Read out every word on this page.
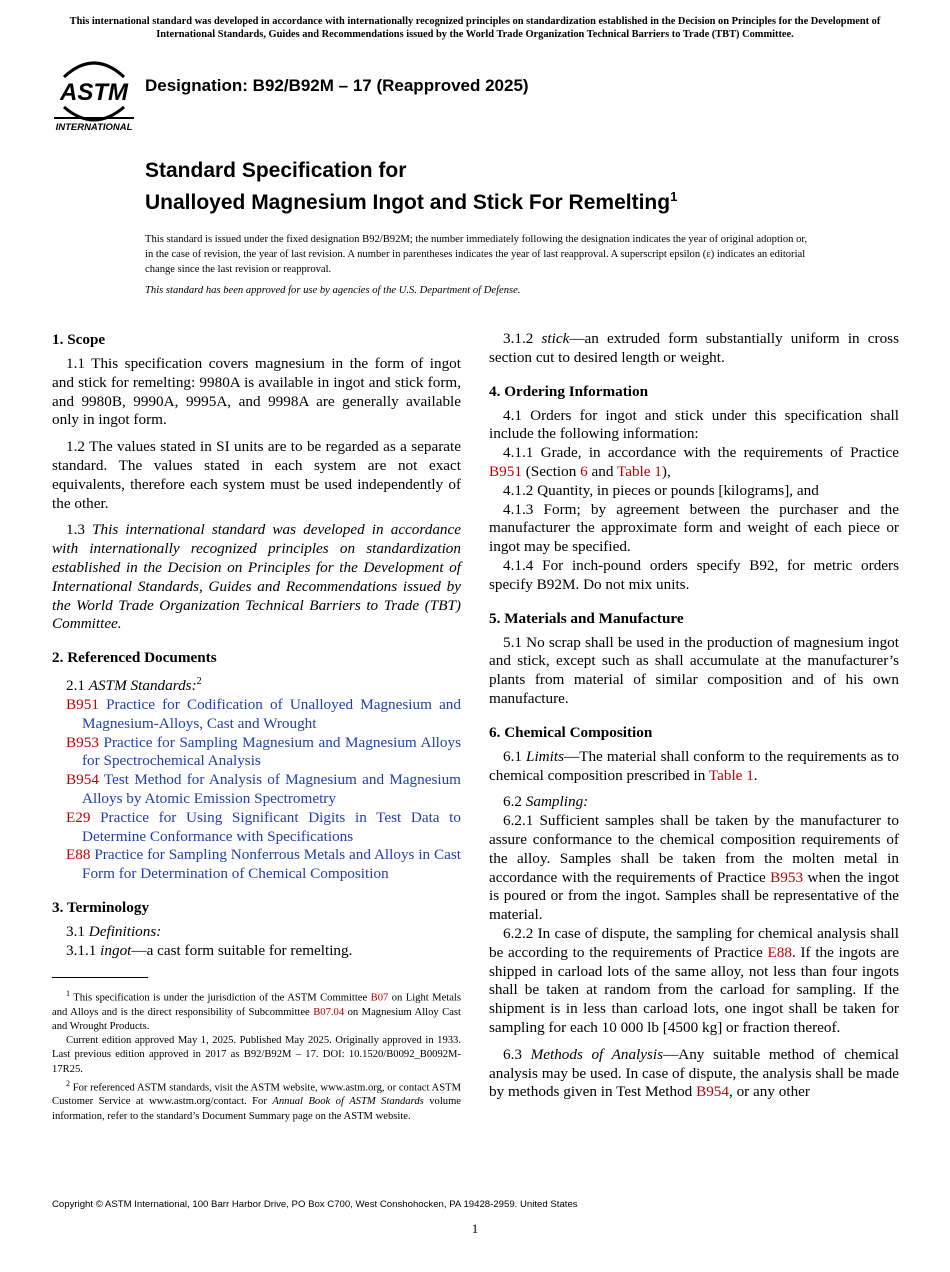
This international standard was developed in accordance with internationally recognized principles on standardization established in the Decision on Principles for the Development of International Standards, Guides and Recommendations issued by the World Trade Organization Technical Barriers to Trade (TBT) Committee.
ASTM
INTERNATIONAL
Designation: B92/B92M – 17 (Reapproved 2025)
Standard Specification for
Unalloyed Magnesium Ingot and Stick For Remelting$^1$
This standard is issued under the fixed designation B92/B92M; the number immediately following the designation indicates the year of original adoption or, in the case of revision, the year of last revision. A number in parentheses indicates the year of last reapproval. A superscript epsilon (ε) indicates an editorial change since the last revision or reapproval.
This standard has been approved for use by agencies of the U.S. Department of Defense.
1. Scope

1.1 This specification covers magnesium in the form of ingot and stick for remelting: 9980A is available in ingot and stick form, and 9980B, 9990A, 9995A, and 9998A are generally available only in ingot form.

1.2 The values stated in SI units are to be regarded as a separate standard. The values stated in each system are not exact equivalents, therefore each system must be used independently of the other.

1.3 This international standard was developed in accordance with internationally recognized principles on standardization established in the Decision on Principles for the Development of International Standards, Guides and Recommendations issued by the World Trade Organization Technical Barriers to Trade (TBT) Committee.

2. Referenced Documents

2.1 ASTM Standards:$^2$

B951 Practice for Codification of Unalloyed Magnesium and Magnesium-Alloys, Cast and Wrought

B953 Practice for Sampling Magnesium and Magnesium Alloys for Spectrochemical Analysis

B954 Test Method for Analysis of Magnesium and Magnesium Alloys by Atomic Emission Spectrometry

E29 Practice for Using Significant Digits in Test Data to Determine Conformance with Specifications

E88 Practice for Sampling Nonferrous Metals and Alloys in Cast Form for Determination of Chemical Composition

3. Terminology

3.1 Definitions:

3.1.1 ingot—a cast form suitable for remelting.

$^1$ This specification is under the jurisdiction of the ASTM Committee B07 on Light Metals and Alloys and is the direct responsibility of Subcommittee B07.04 on Magnesium Alloy Cast and Wrought Products.

Current edition approved May 1, 2025. Published May 2025. Originally approved in 1933. Last previous edition approved in 2017 as B92/B92M – 17. DOI: 10.1520/B0092_B0092M-17R25.

$^2$ For referenced ASTM standards, visit the ASTM website, www.astm.org, or contact ASTM Customer Service at www.astm.org/contact. For Annual Book of ASTM Standards volume information, refer to the standard’s Document Summary page on the ASTM website.

3.1.2 stick—an extruded form substantially uniform in cross section cut to desired length or weight.

4. Ordering Information

4.1 Orders for ingot and stick under this specification shall include the following information:

4.1.1 Grade, in accordance with the requirements of Practice B951 (Section 6 and Table 1),

4.1.2 Quantity, in pieces or pounds [kilograms], and

4.1.3 Form; by agreement between the purchaser and the manufacturer the approximate form and weight of each piece or ingot may be specified.

4.1.4 For inch-pound orders specify B92, for metric orders specify B92M. Do not mix units.

5. Materials and Manufacture

5.1 No scrap shall be used in the production of magnesium ingot and stick, except such as shall accumulate at the manufacturer’s plants from material of similar composition and of his own manufacture.

6. Chemical Composition

6.1 Limits—The material shall conform to the requirements as to chemical composition prescribed in Table 1.

6.2 Sampling:

6.2.1 Sufficient samples shall be taken by the manufacturer to assure conformance to the chemical composition requirements of the alloy. Samples shall be taken from the molten metal in accordance with the requirements of Practice B953 when the ingot is poured or from the ingot. Samples shall be representative of the material.

6.2.2 In case of dispute, the sampling for chemical analysis shall be according to the requirements of Practice E88. If the ingots are shipped in carload lots of the same alloy, not less than four ingots shall be taken at random from the carload for sampling. If the shipment is in less than carload lots, one ingot shall be taken for sampling for each 10 000 lb [4500 kg] or fraction thereof.

6.3 Methods of Analysis—Any suitable method of chemical analysis may be used. In case of dispute, the analysis shall be made by methods given in Test Method B954, or any other

Copyright © ASTM International, 100 Barr Harbor Drive, PO Box C700, West Conshohocken, PA 19428-2959. United States
1
